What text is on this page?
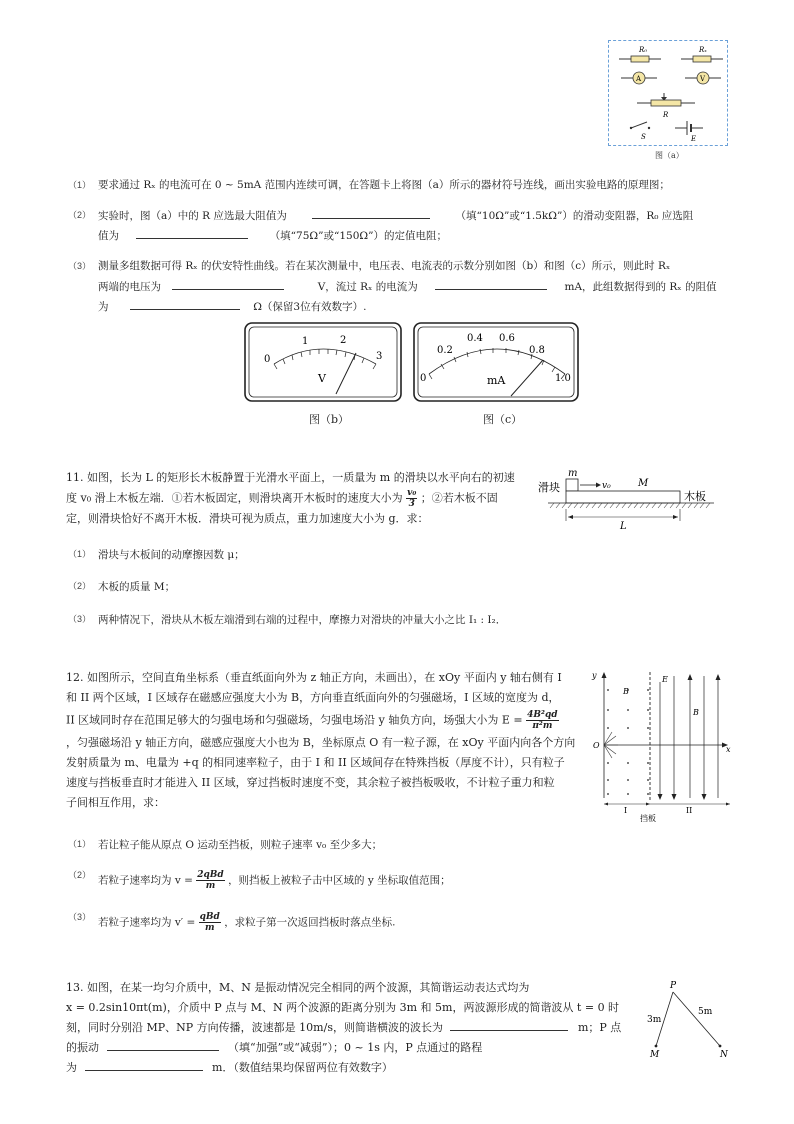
R₀	Rₓ
A	V
R
S	E
图（a）
（1） 要求通过 Rₓ 的电流可在 0 ~ 5mA 范围内连续可调，在答题卡上将图（a）所示的器材符号连线，画出实验电路的原理图；
（2） 实验时，图（a）中的 R 应选最大阻值为	（填“10Ω”或“1.5kΩ”）的滑动变阻器，R₀ 应选阻
值为	（填“75Ω”或“150Ω”）的定值电阻；
（3） 测量多组数据可得 Rₓ 的伏安特性曲线。若在某次测量中，电压表、电流表的示数分别如图（b）和图（c）所示，则此时 Rₓ
两端的电压为	V，流过 Rₓ 的电流为	mA，此组数据得到的 Rₓ 的阻值
为	Ω（保留3位有效数字）.
0
1	2
3
V
图（b）
0
0.2
0.4 0.6
0.8
1.0
mA
图（c）
11. 如图，长为 L 的矩形长木板静置于光滑水平面上，一质量为 m 的滑块以水平向右的初速
度 v₀ 滑上木板左端．①若木板固定，则滑块离开木板时的速度大小为 $\frac{\text{v₀}}{3}$ ；②若木板不固
定，则滑块恰好不离开木板．滑块可视为质点，重力加速度大小为 g．求：
m
v₀	M
滑块
木板
L
（1） 滑块与木板间的动摩擦因数 μ；
（2） 木板的质量 M；
（3） 两种情况下，滑块从木板左端滑到右端的过程中，摩擦力对滑块的冲量大小之比 I₁ : I₂．
12. 如图所示，空间直角坐标系（垂直纸面向外为 z 轴正方向，未画出），在 xOy 平面内 y 轴右侧有 I
和 II 两个区域，I 区域存在磁感应强度大小为 B，方向垂直纸面向外的匀强磁场，I 区域的宽度为 d，
II 区域同时存在范围足够大的匀强电场和匀强磁场，匀强电场沿 y 轴负方向，场强大小为 $E = \frac{\text{4B²qd}}{\text{π²m}}$
，匀强磁场沿 y 轴正方向，磁感应强度大小也为 B，坐标原点 O 有一粒子源，在 xOy 平面内向各个方向
发射质量为 m、电量为 +q 的相同速率粒子，由于 I 和 II 区域间存在特殊挡板（厚度不计），只有粒子
速度与挡板垂直时才能进入 II 区域，穿过挡板时速度不变，其余粒子被挡板吸收，不计粒子重力和粒
子间相互作用，求：
y
x
O
B
E
B
I	II
挡板
（1） 若让粒子能从原点 O 运动至挡板，则粒子速率 v₀ 至少多大；
（2） 若粒子速率均为 $v = \frac{\text{2qBd}}{m}$ ，则挡板上被粒子击中区域的 y 坐标取值范围；
（3） 若粒子速率均为 $v' = \frac{\text{qBd}}{m}$ ，求粒子第一次返回挡板时落点坐标.
13. 如图，在某一均匀介质中，M、N 是振动情况完全相同的两个波源，其简谐运动表达式均为
x = 0.2sin10πt(m)，介质中 P 点与 M、N 两个波源的距离分别为 3m 和 5m，两波源形成的简谐波从 t = 0 时
刻，同时分别沿 MP、NP 方向传播，波速都是 10m/s，则简谐横波的波长为	m；P 点
的振动	（填“加强”或“减弱”）；0 ~ 1s 内，P 点通过的路程
为	m．（数值结果均保留两位有效数字）
P
3m
5m
M	N
